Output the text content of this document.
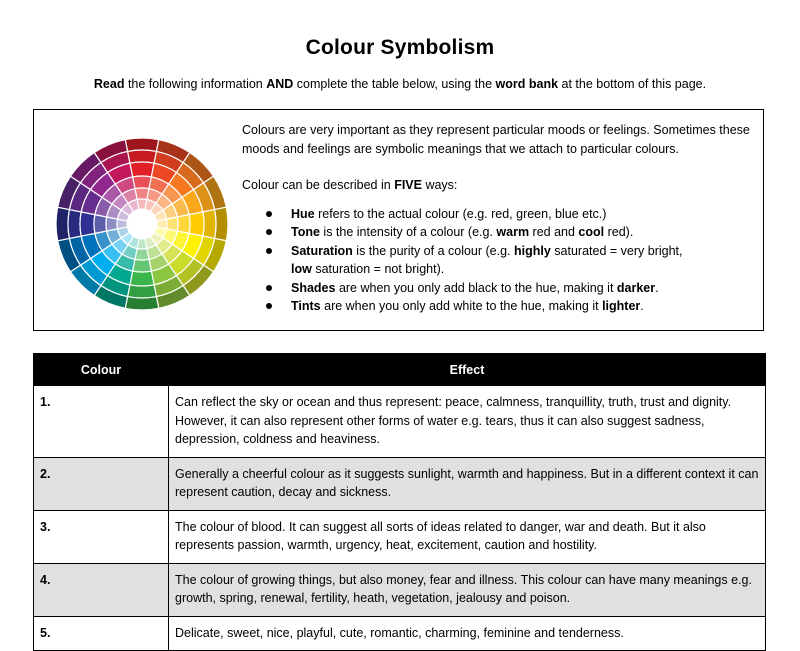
Colour Symbolism
Read the following information AND complete the table below, using the word bank at the bottom of this page.

Colours are very important as they represent particular moods or feelings. Sometimes these moods and feelings are symbolic meanings that we attach to particular colours.

Colour can be described in FIVE ways:

Hue refers to the actual colour (e.g. red, green, blue etc.)
Tone is the intensity of a colour (e.g. warm red and cool red).
Saturation is the purity of a colour (e.g. highly saturated = very bright,
low saturation = not bright).
Shades are when you only add black to the hue, making it darker.
Tints are when you only add white to the hue, making it lighter.
Colour	Effect
1.	Can reflect the sky or ocean and thus represent: peace, calmness, tranquillity, truth, trust and dignity. However, it can also represent other forms of water e.g. tears, thus it can also suggest sadness, depression, coldness and heaviness.
2.	Generally a cheerful colour as it suggests sunlight, warmth and happiness. But in a different context it can represent caution, decay and sickness.
3.	The colour of blood. It can suggest all sorts of ideas related to danger, war and death. But it also represents passion, warmth, urgency, heat, excitement, caution and hostility.
4.	The colour of growing things, but also money, fear and illness. This colour can have many meanings e.g. growth, spring, renewal, fertility, heath, vegetation, jealousy and poison.
5.	Delicate, sweet, nice, playful, cute, romantic, charming, feminine and tenderness.
